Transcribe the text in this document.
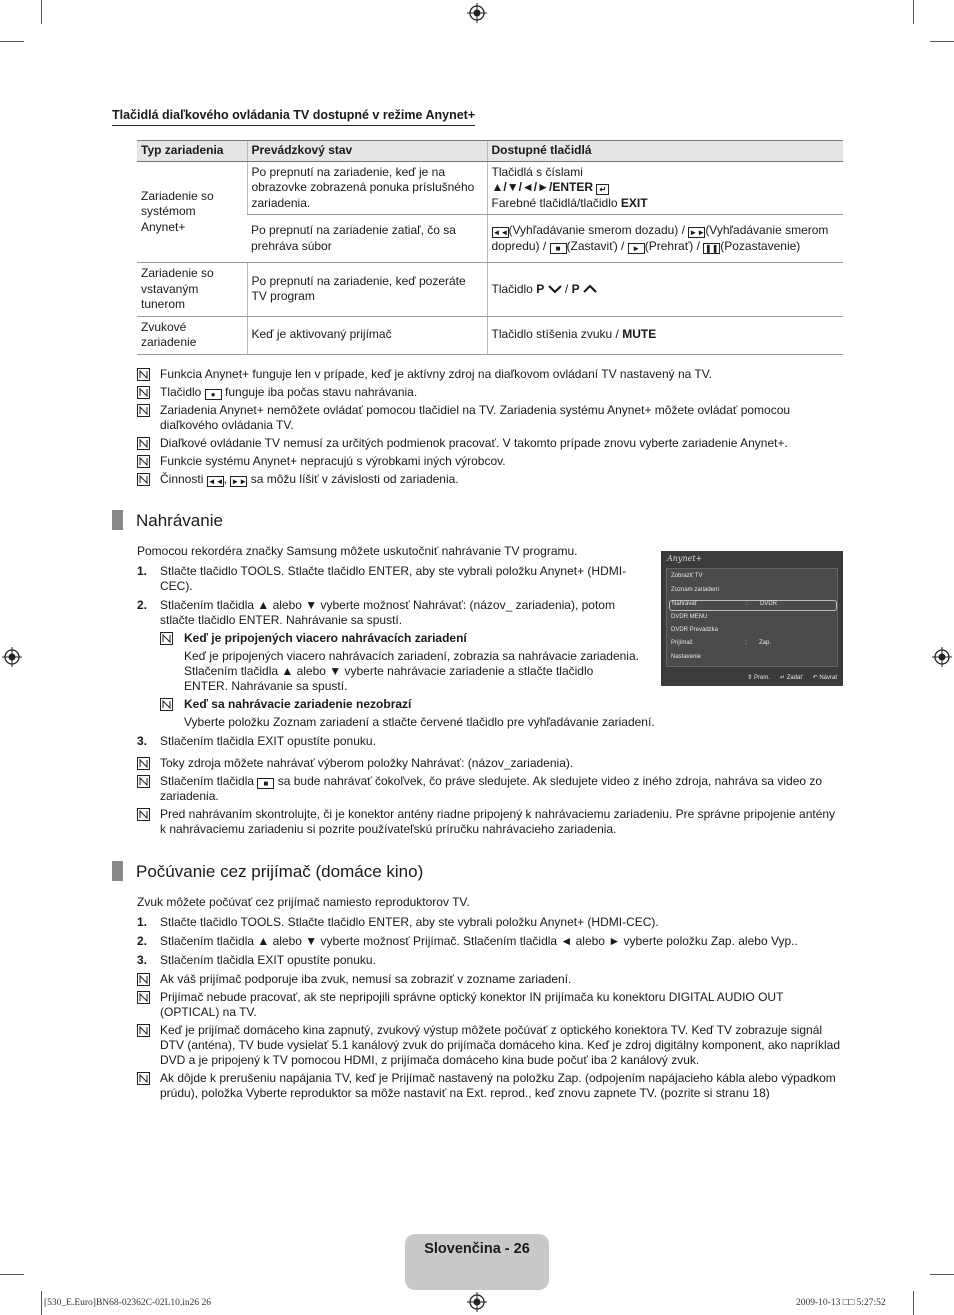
Tlačidlá diaľkového ovládania TV dostupné v režime Anynet+
Typ zariadenia	Prevádzkový stav	Dostupné tlačidlá
Zariadenie so systémom Anynet+	Po prepnutí na zariadenie, keď je na obrazovke zobrazená ponuka príslušného zariadenia.	Tlačidlá s číslami
▲/▼/◄/►/ENTER ↵
Farebné tlačidlá/tlačidlo EXIT

	Po prepnutí na zariadenie zatiaľ, čo sa prehráva súbor	◄◄(Vyhľadávanie smerom dozadu) / ►►(Vyhľadávanie smerom dopredu) / ■ (Zastaviť) / ► (Prehrať) / ❚❚ (Pozastavenie)
Zariadenie so vstavaným tunerom	Po prepnutí na zariadenie, keď pozeráte TV program	Tlačidlo P  / P
Zvukové zariadenie	Keď je aktivovaný prijímač	Tlačidlo stíšenia zvuku / MUTE
Funkcia Anynet+ funguje len v prípade, keď je aktívny zdroj na diaľkovom ovládaní TV nastavený na TV.
Tlačidlo ● funguje iba počas stavu nahrávania.
Zariadenia Anynet+ nemôžete ovládať pomocou tlačidiel na TV. Zariadenia systému Anynet+ môžete ovládať pomocou diaľkového ovládania TV.
Diaľkové ovládanie TV nemusí za určitých podmienok pracovať. V takomto prípade znovu vyberte zariadenie Anynet+.
Funkcie systému Anynet+ nepracujú s výrobkami iných výrobcov.
Činnosti ◄◄, ►► sa môžu líšiť v závislosti od zariadenia.
Nahrávanie
Pomocou rekordéra značky Samsung môžete uskutočniť nahrávanie TV programu.
1. Stlačte tlačidlo TOOLS. Stlačte tlačidlo ENTER, aby ste vybrali položku Anynet+ (HDMI-CEC).
2. Stlačením tlačidla ▲ alebo ▼ vyberte možnosť Nahrávať: (názov_ zariadenia), potom stlačte tlačidlo ENTER. Nahrávanie sa spustí.
Keď je pripojených viacero nahrávacích zariadení
Keď je pripojených viacero nahrávacích zariadení, zobrazia sa nahrávacie zariadenia. Stlačením tlačidla ▲ alebo ▼ vyberte nahrávacie zariadenie a stlačte tlačidlo ENTER. Nahrávanie sa spustí.
Keď sa nahrávacie zariadenie nezobrazí
Vyberte položku Zoznam zariadení a stlačte červené tlačidlo pre vyhľadávanie zariadení.
3. Stlačením tlačidla EXIT opustíte ponuku.
Toky zdroja môžete nahrávať výberom položky Nahrávať: (názov_zariadenia).
Stlačením tlačidla ■ sa bude nahrávať čokoľvek, čo práve sledujete. Ak sledujete video z iného zdroja, nahráva sa video zo zariadenia.
Pred nahrávaním skontrolujte, či je konektor antény riadne pripojený k nahrávaciemu zariadeniu. Pre správne pripojenie antény k nahrávaciemu zariadeniu si pozrite používateľskú príručku nahrávacieho zariadenia.
Anynet+
Zobraziť TV
Zoznam zariadení
Nahrávať	: DVDR
DVDR MENU
DVDR Prevádzka
Prijímač	: Zap.
Nastavenie
⇕ Prem. ↵ Zadať ↶ Návrat
Počúvanie cez prijímač (domáce kino)
Zvuk môžete počúvať cez prijímač namiesto reproduktorov TV.
1. Stlačte tlačidlo TOOLS. Stlačte tlačidlo ENTER, aby ste vybrali položku Anynet+ (HDMI-CEC).
2. Stlačením tlačidla ▲ alebo ▼ vyberte možnosť Prijímač. Stlačením tlačidla ◄ alebo ► vyberte položku Zap. alebo Vyp..
3. Stlačením tlačidla EXIT opustíte ponuku.
Ak váš prijímač podporuje iba zvuk, nemusí sa zobraziť v zozname zariadení.
Prijímač nebude pracovať, ak ste nepripojili správne optický konektor IN prijímača ku konektoru DIGITAL AUDIO OUT (OPTICAL) na TV.
Keď je prijímač domáceho kina zapnutý, zvukový výstup môžete počúvať z optického konektora TV. Keď TV zobrazuje signál DTV (anténa), TV bude vysielať 5.1 kanálový zvuk do prijímača domáceho kina. Keď je zdroj digitálny komponent, ako napríklad DVD a je pripojený k TV pomocou HDMI, z prijímača domáceho kina bude počuť iba 2 kanálový zvuk.
Ak dôjde k prerušeniu napájania TV, keď je Prijímač nastavený na položku Zap. (odpojením napájacieho kábla alebo výpadkom prúdu), položka Vyberte reproduktor sa môže nastaviť na Ext. reprod., keď znovu zapnete TV. (pozrite si stranu 18)
Slovenčina - 26
[530_E.Euro]BN68-02362C-02L10.in26 26	2009-10-13 □□ 5:27:52
